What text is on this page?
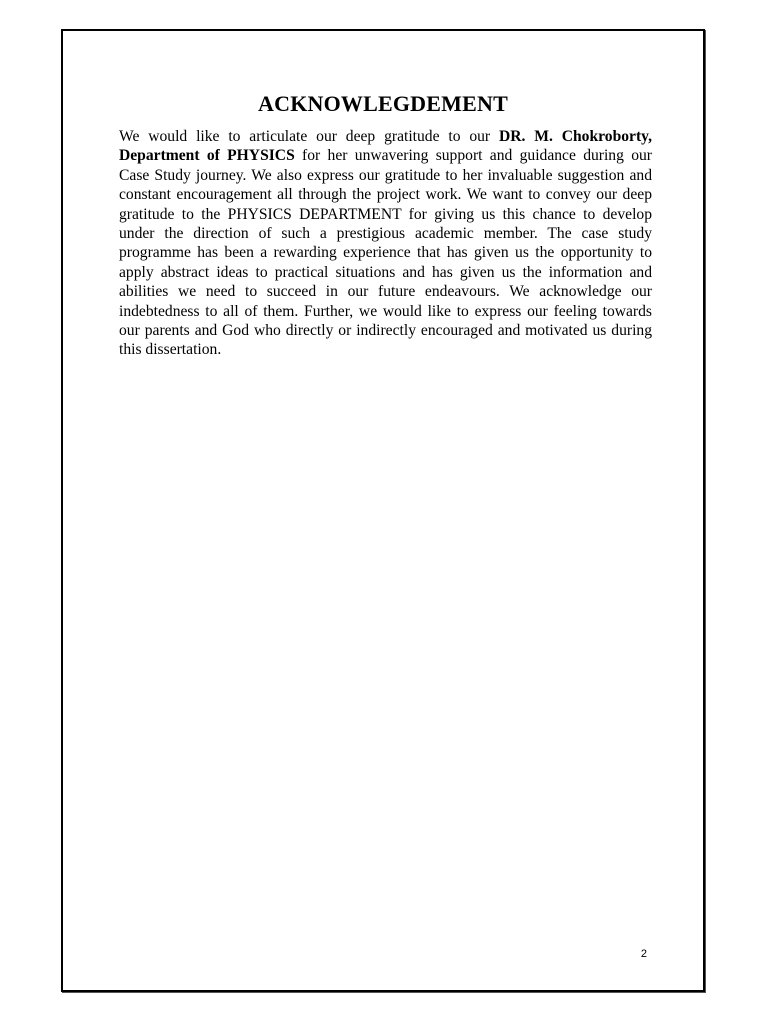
ACKNOWLEGDEMENT

We would like to articulate our deep gratitude to our DR. M. Chokroborty, Department of PHYSICS for her unwavering support and guidance during our Case Study journey. We also express our gratitude to her invaluable suggestion and constant encouragement all through the project work. We want to convey our deep gratitude to the PHYSICS DEPARTMENT for giving us this chance to develop under the direction of such a prestigious academic member. The case study programme has been a rewarding experience that has given us the opportunity to apply abstract ideas to practical situations and has given us the information and abilities we need to succeed in our future endeavours. We acknowledge our indebtedness to all of them. Further, we would like to express our feeling towards our parents and God who directly or indirectly encouraged and motivated us during this dissertation.

2
